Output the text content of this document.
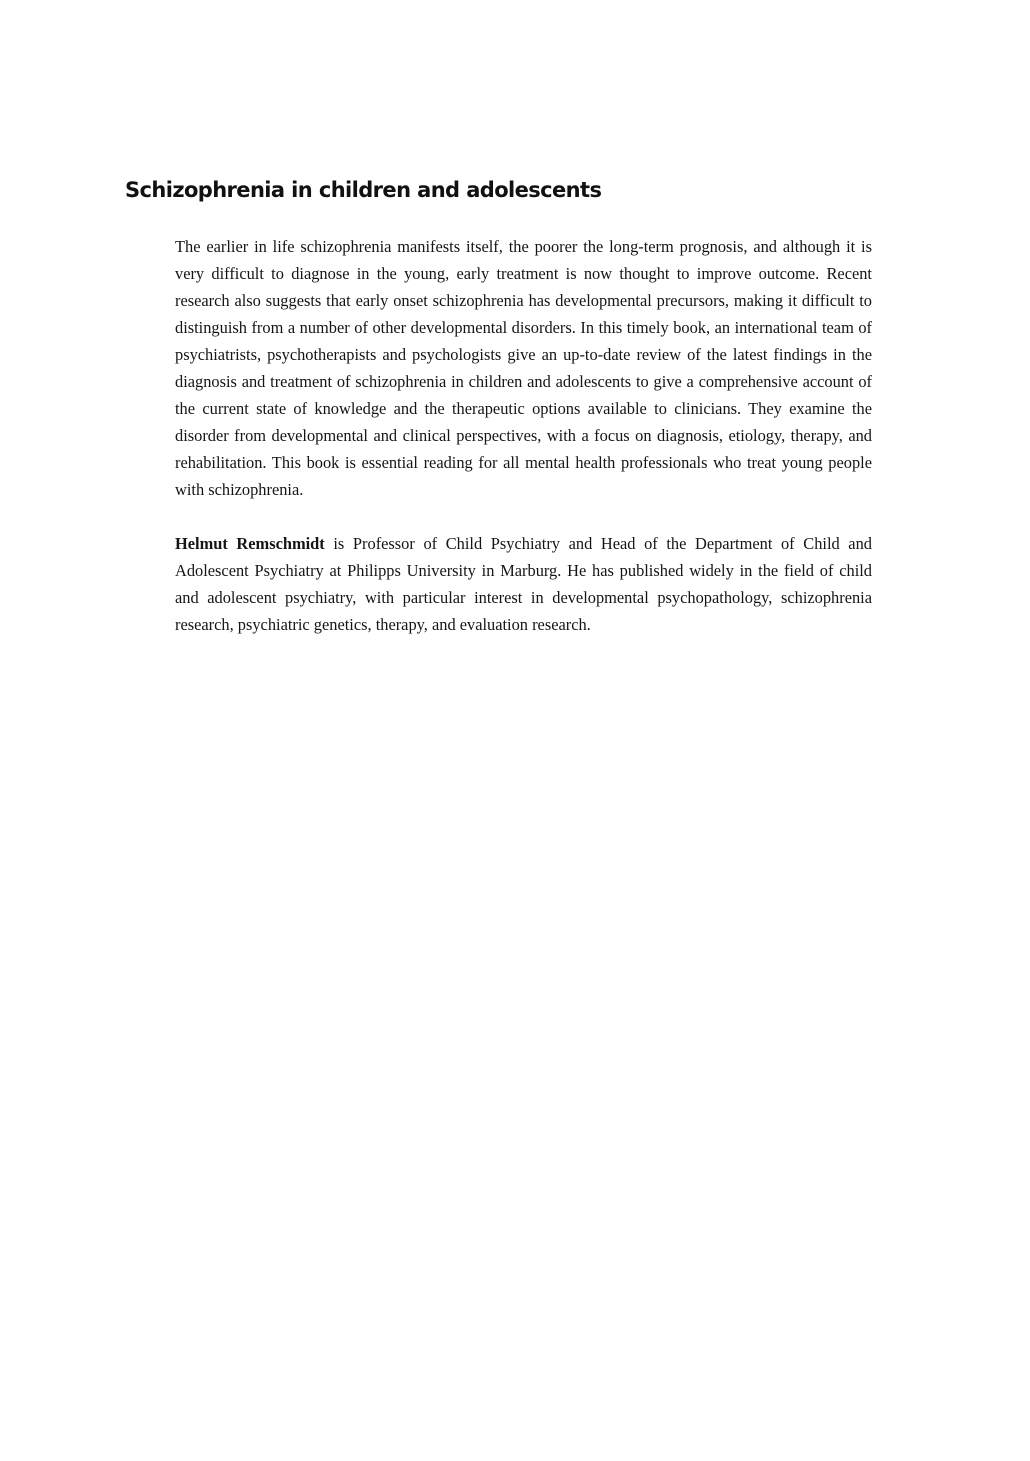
Schizophrenia in children and adolescents

The earlier in life schizophrenia manifests itself, the poorer the long-term prognosis, and although it is very difficult to diagnose in the young, early treatment is now thought to improve outcome. Recent research also suggests that early onset schizophrenia has developmental precursors, making it difficult to distinguish from a number of other developmental disorders. In this timely book, an international team of psychiatrists, psychotherapists and psychologists give an up-to-date review of the latest findings in the diagnosis and treatment of schizophrenia in children and adolescents to give a comprehensive account of the current state of knowledge and the therapeutic options available to clinicians. They examine the disorder from developmental and clinical perspectives, with a focus on diagnosis, etiology, therapy, and rehabilitation. This book is essential reading for all mental health professionals who treat young people with schizophrenia.

Helmut Remschmidt is Professor of Child Psychiatry and Head of the Department of Child and Adolescent Psychiatry at Philipps University in Marburg. He has published widely in the field of child and adolescent psychiatry, with particular interest in developmental psychopathology, schizophrenia research, psychiatric genetics, therapy, and evaluation research.
